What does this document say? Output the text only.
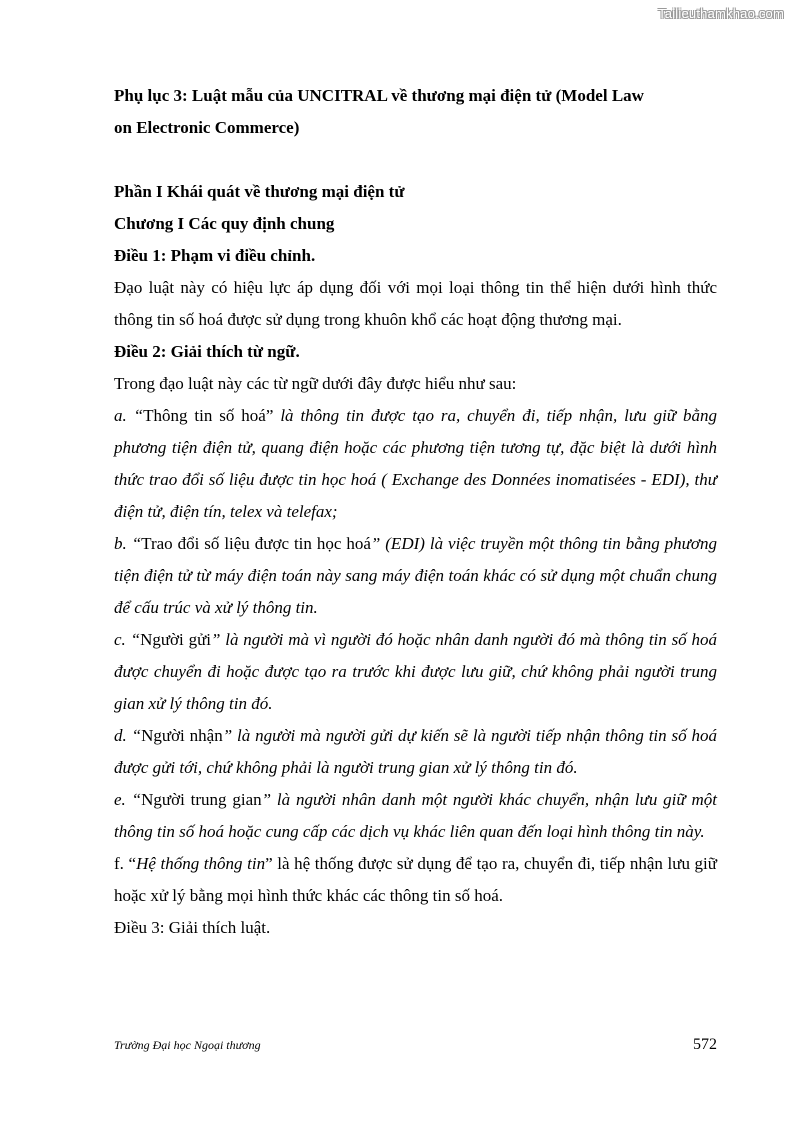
Tailieuthamkhao.com

Phụ lục 3: Luật mẫu của UNCITRAL về thương mại điện tử (Model Law

on Electronic Commerce)

Phần I Khái quát về thương mại điện tử

Chương I Các quy định chung

Điều 1: Phạm vi điều chỉnh.

Đạo luật này có hiệu lực áp dụng đối với mọi loại thông tin thể hiện dưới hình thức thông tin số hoá được sử dụng trong khuôn khổ các hoạt động thương mại.

Điều 2: Giải thích từ ngữ.

Trong đạo luật này các từ ngữ dưới đây được hiểu như sau:

a. “Thông tin số hoá” là thông tin được tạo ra, chuyển đi, tiếp nhận, lưu giữ bằng phương tiện điện tử, quang điện hoặc các phương tiện tương tự, đặc biệt là dưới hình thức trao đổi số liệu được tin học hoá ( Exchange des Données inomatisées - EDI), thư điện tử, điện tín, telex và telefax;

b. “Trao đổi số liệu được tin học hoá” (EDI) là việc truyền một thông tin bằng phương tiện điện tử từ máy điện toán này sang máy điện toán khác có sử dụng một chuẩn chung để cấu trúc và xử lý thông tin.

c. “Người gửi” là người mà vì người đó hoặc nhân danh người đó mà thông tin số hoá được chuyển đi hoặc được tạo ra trước khi được lưu giữ, chứ không phải người trung gian xử lý thông tin đó.

d. “Người nhận” là người mà người gửi dự kiến sẽ là người tiếp nhận thông tin số hoá được gửi tới, chứ không phải là người trung gian xử lý thông tin đó.

e. “Người trung gian” là người nhân danh một người khác chuyển, nhận lưu giữ một thông tin số hoá hoặc cung cấp các dịch vụ khác liên quan đến loại hình thông tin này.

f. “Hệ thống thông tin” là hệ thống được sử dụng để tạo ra, chuyển đi, tiếp nhận lưu giữ hoặc xử lý bằng mọi hình thức khác các thông tin số hoá.

Điều 3: Giải thích luật.

Trường Đại học Ngoại thương	572
